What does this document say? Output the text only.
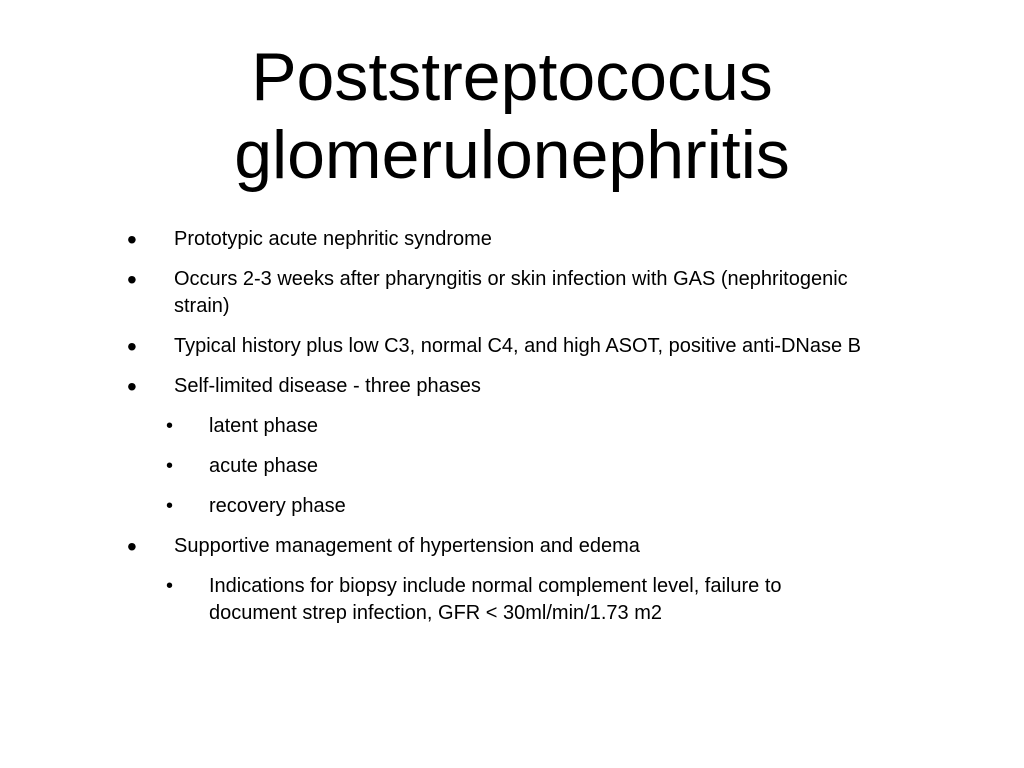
Poststreptococus
glomerulonephritis
• Prototypic acute nephritic syndrome
• Occurs 2-3 weeks after pharyngitis or skin infection with GAS (nephritogenic strain)
• Typical history plus low C3, normal C4, and high ASOT, positive anti-DNase B
• Self-limited disease - three phases
• latent phase
• acute phase
• recovery phase
• Supportive management of hypertension and edema
• Indications for biopsy include normal complement level, failure to document strep infection, GFR < 30ml/min/1.73 m2
